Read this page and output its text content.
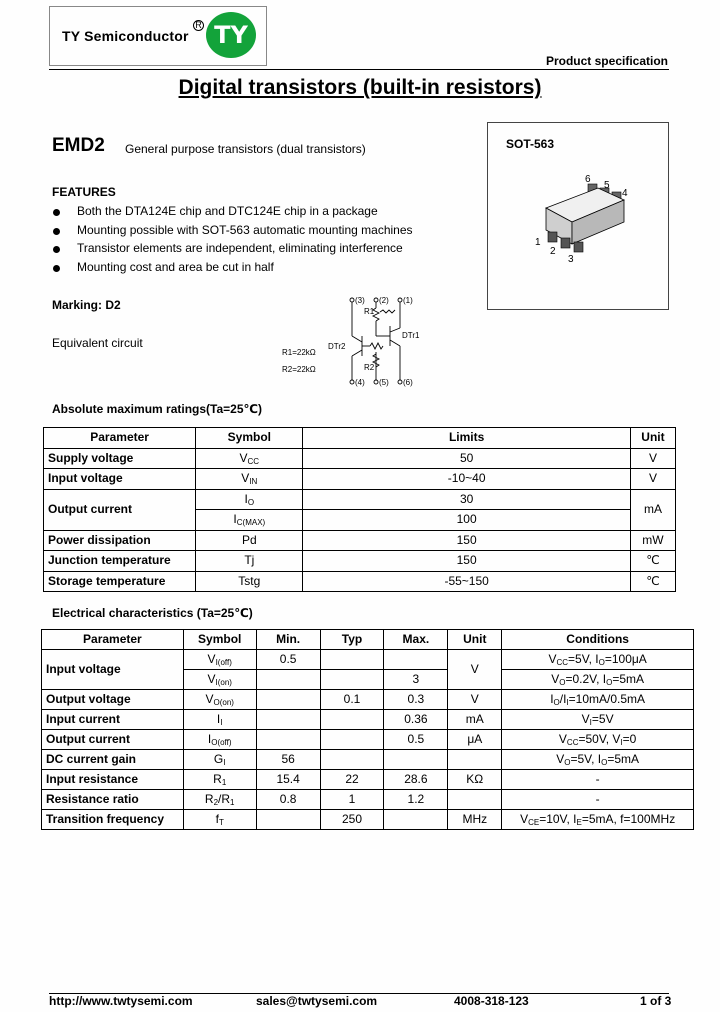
TY Semiconductor
R TY
Product specification
Digital transistors (built-in resistors)
EMD2 General purpose transistors (dual transistors)	SOT-563
1
2
3
4
5
6
FEATURES
Both the DTA124E chip and DTC124E chip in a package
Mounting possible with SOT-563 automatic mounting machines
Transistor elements are independent, eliminating interference
Mounting cost and area be cut in half
Marking: D2
Equivalent circuit
(3) (2) (1)
(4) (5) (6)
DTr1
DTr2
R1=22kΩ
R2=22kΩ
R1
R2
Absolute maximum ratings(Ta=25℃)
Parameter	Symbol	Limits	Unit
Supply voltage	$V_{CC}$	50	V
Input voltage	$V_{IN}$	-10~40	V
Output current	$I_O$	30	mA
	$I_{C(MAX)}$	100	
Power dissipation	Pd	150	mW
Junction temperature	Tj	150	℃
Storage temperature	Tstg	-55~150	℃
Electrical characteristics (Ta=25℃)
Parameter	Symbol	Min.	Typ	Max.	Unit	Conditions
Input voltage	$V_{I(off)}$	0.5			V	$V_{CC}=5V$, $I_O=100\mu A$
	$V_{I(on)}$			3		$V_O=0.2V$, $I_O=5mA$
Output voltage	$V_{O(on)}$		0.1	0.3	V	$I_O/I_I=10mA/0.5mA$
Input current	$I_I$			0.36	mA	$V_I=5V$
Output current	$I_{O(off)}$			0.5	μA	$V_{CC}=50V$, $V_I=0$
DC current gain	$G_I$	56				$V_O=5V$, $I_O=5mA$
Input resistance	$R_1$	15.4	22	28.6	KΩ	-
Resistance ratio	$R_2/R_1$	0.8	1	1.2		-
Transition frequency	$f_T$		250		MHz	$V_{CE}=10V$, $I_E=5mA$, f=100MHz
http://www.twtysemi.com	sales@twtysemi.com	4008-318-123	1 of 3
